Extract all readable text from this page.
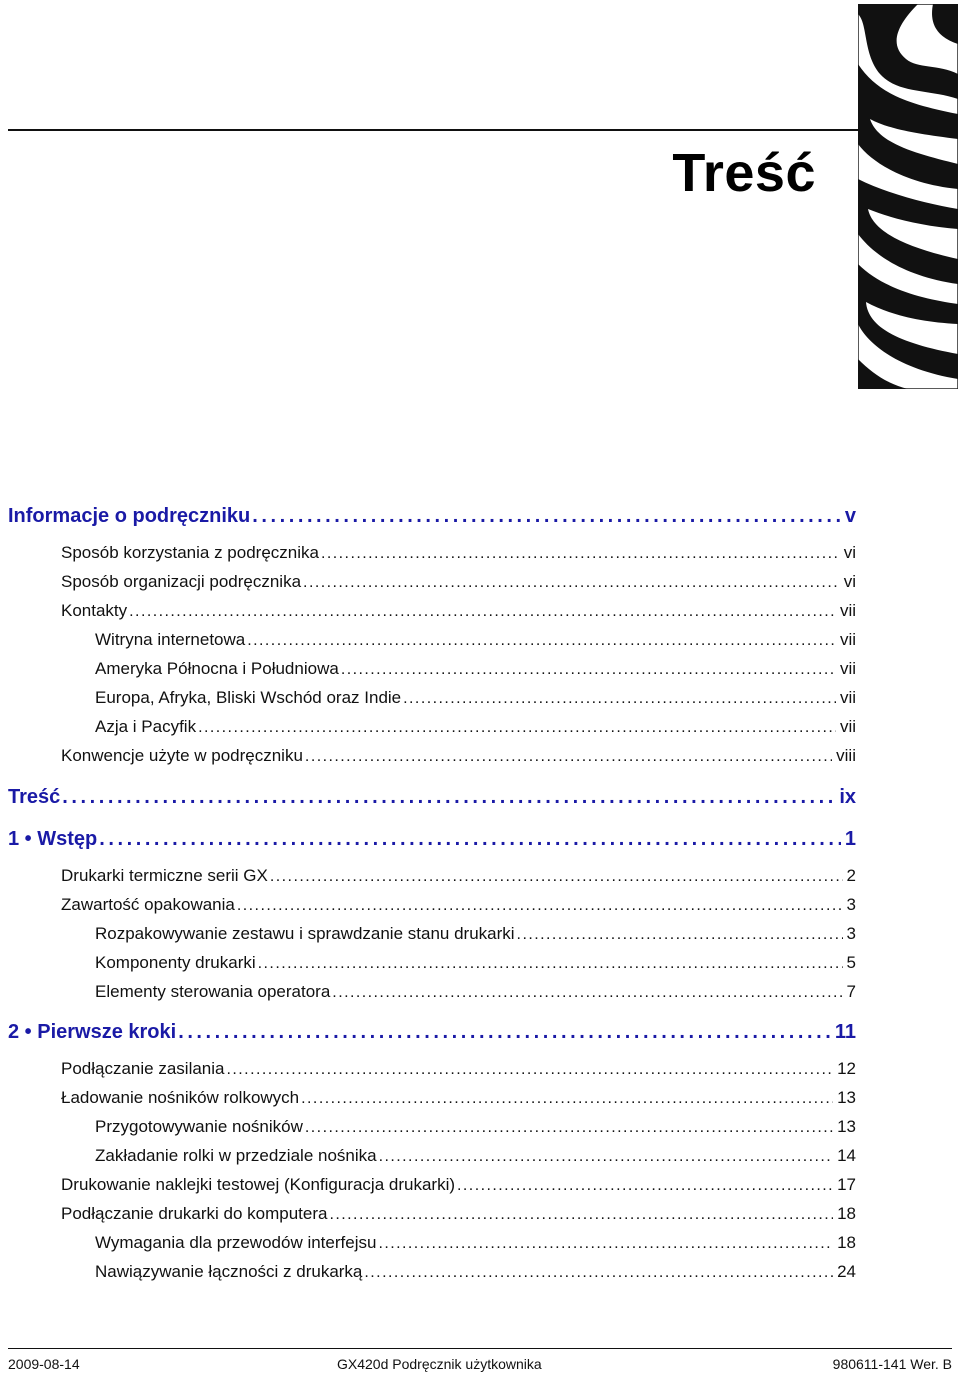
Treść
Informacje o podręczniku . . .	v
Sposób korzystania z podręcznika . . .	vi
Sposób organizacji podręcznika . . .	vi
Kontakty . . .	vii
Witryna internetowa . . .	vii
Ameryka Północna i Południowa . . .	vii
Europa, Afryka, Bliski Wschód oraz Indie . . .	vii
Azja i Pacyfik . . .	vii
Konwencje użyte w podręczniku . . .	viii
Treść . . .	ix
1 • Wstęp . . .	1
Drukarki termiczne serii GX . . .	2
Zawartość opakowania . . .	3
Rozpakowywanie zestawu i sprawdzanie stanu drukarki . . .	3
Komponenty drukarki . . .	5
Elementy sterowania operatora . . .	7
2 • Pierwsze kroki . . .	11
Podłączanie zasilania . . .	12
Ładowanie nośników rolkowych . . .	13
Przygotowywanie nośników . . .	13
Zakładanie rolki w przedziale nośnika . . .	14
Drukowanie naklejki testowej (Konfiguracja drukarki) . . .	17
Podłączanie drukarki do komputera . . .	18
Wymagania dla przewodów interfejsu . . .	18
Nawiązywanie łączności z drukarką . . .	24
2009-08-14	GX420d Podręcznik użytkownika	980611-141 Wer. B
